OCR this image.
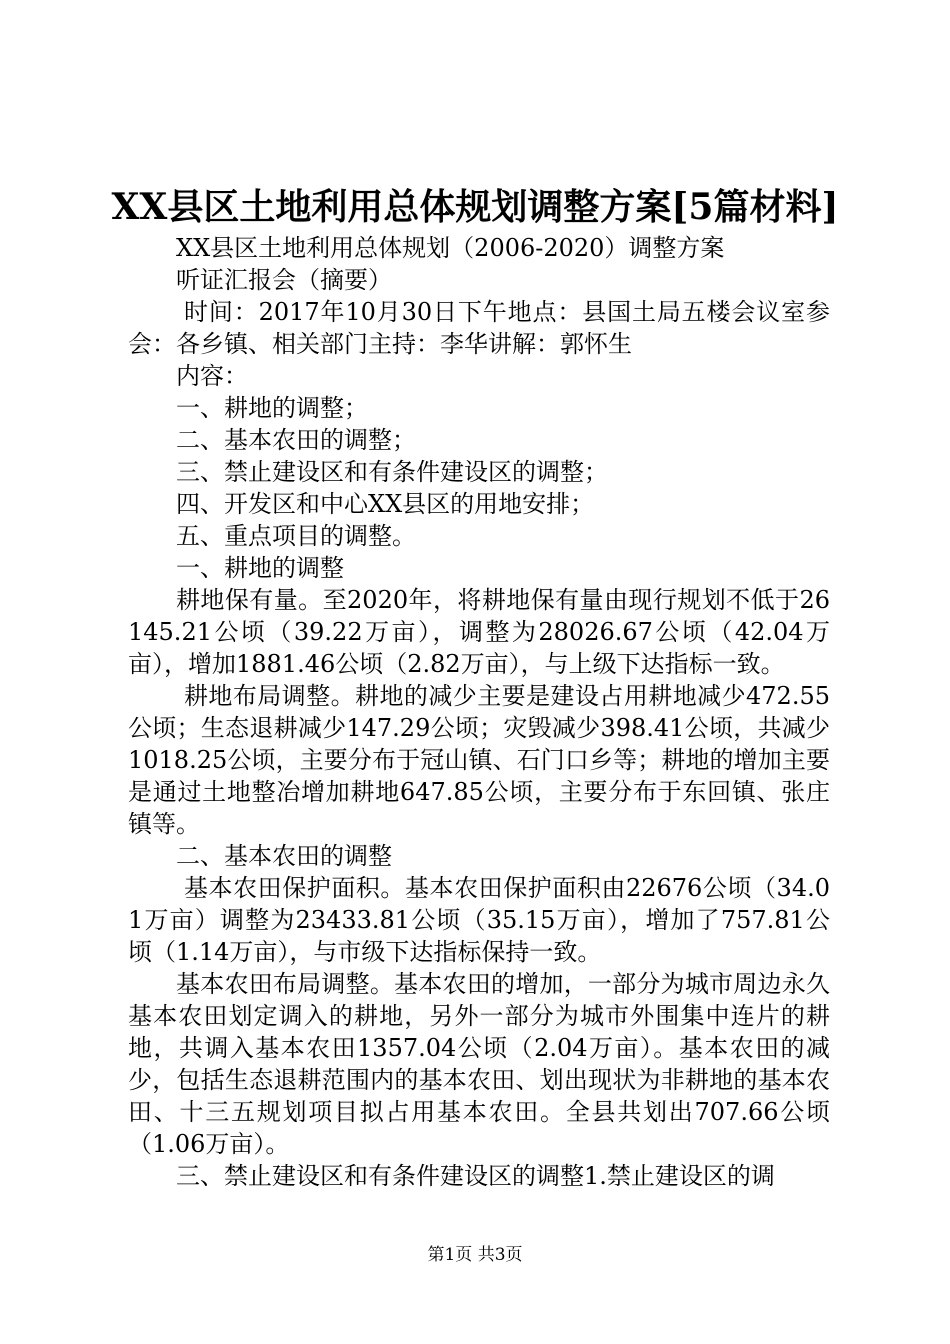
XX县区土地利用总体规划调整方案[5篇材料]

XX县区土地利用总体规划（2006-2020）调整方案

听证汇报会（摘要）

时间：2017年10月30日下午地点：县国土局五楼会议室参会：各乡镇、相关部门主持：李华讲解：郭怀生

内容：

一、耕地的调整；

二、基本农田的调整；

三、禁止建设区和有条件建设区的调整；

四、开发区和中心XX县区的用地安排；

五、重点项目的调整。

一、耕地的调整

耕地保有量。至2020年，将耕地保有量由现行规划不低于26145.21公顷（39.22万亩），调整为28026.67公顷（42.04万亩），增加1881.46公顷（2.82万亩），与上级下达指标一致。

耕地布局调整。耕地的减少主要是建设占用耕地减少472.55公顷；生态退耕减少147.29公顷；灾毁减少398.41公顷，共减少1018.25公顷，主要分布于冠山镇、石门口乡等；耕地的增加主要是通过土地整冶增加耕地647.85公顷，主要分布于东回镇、张庄镇等。

二、基本农田的调整

基本农田保护面积。基本农田保护面积由22676公顷（34.01万亩）调整为23433.81公顷（35.15万亩），增加了757.81公顷（1.14万亩），与市级下达指标保持一致。

基本农田布局调整。基本农田的增加，一部分为城市周边永久基本农田划定调入的耕地，另外一部分为城市外围集中连片的耕地，共调入基本农田1357.04公顷（2.04万亩）。基本农田的减少，包括生态退耕范围内的基本农田、划出现状为非耕地的基本农田、十三五规划项目拟占用基本农田。全县共划出707.66公顷（1.06万亩）。

三、禁止建设区和有条件建设区的调整1.禁止建设区的调

第1页 共3页
